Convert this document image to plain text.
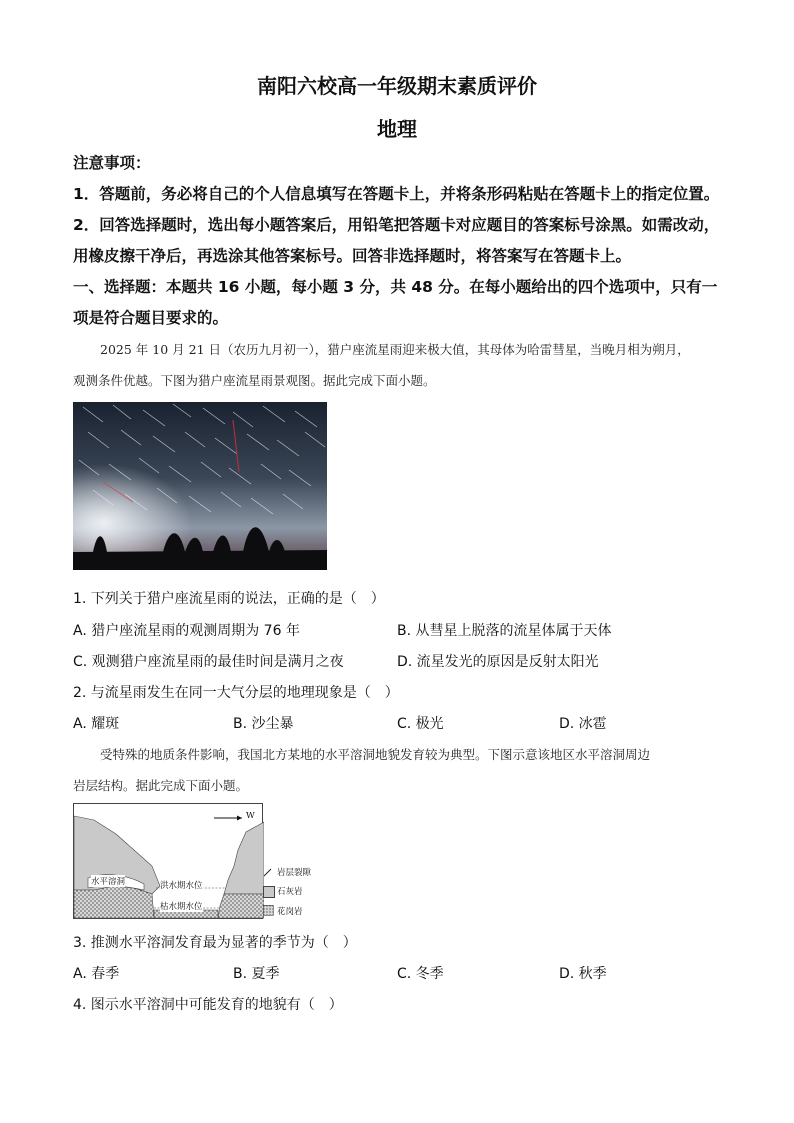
南阳六校高一年级期末素质评价
地理
注意事项：
1．答题前，务必将自己的个人信息填写在答题卡上，并将条形码粘贴在答题卡上的指定位置。
2．回答选择题时，选出每小题答案后，用铅笔把答题卡对应题目的答案标号涂黑。如需改动，
用橡皮擦干净后，再选涂其他答案标号。回答非选择题时，将答案写在答题卡上。
一、选择题：本题共 16 小题，每小题 3 分，共 48 分。在每小题给出的四个选项中，只有一
项是符合题目要求的。
2025 年 10 月 21 日（农历九月初一），猎户座流星雨迎来极大值，其母体为哈雷彗星，当晚月相为朔月，
观测条件优越。下图为猎户座流星雨景观图。据此完成下面小题。
1. 下列关于猎户座流星雨的说法，正确的是（　）
A. 猎户座流星雨的观测周期为 76 年	B. 从彗星上脱落的流星体属于天体
C. 观测猎户座流星雨的最佳时间是满月之夜	D. 流星发光的原因是反射太阳光
2. 与流星雨发生在同一大气分层的地理现象是（　）
A. 耀斑	B. 沙尘暴	C. 极光	D. 冰雹
受特殊的地质条件影响，我国北方某地的水平溶洞地貌发育较为典型。下图示意该地区水平溶洞周边
岩层结构。据此完成下面小题。
W
水平溶洞	洪水期水位
枯水期水位
岩层裂隙
石灰岩
花岗岩
3. 推测水平溶洞发育最为显著的季节为（　）
A. 春季	B. 夏季	C. 冬季	D. 秋季
4. 图示水平溶洞中可能发育的地貌有（　）
